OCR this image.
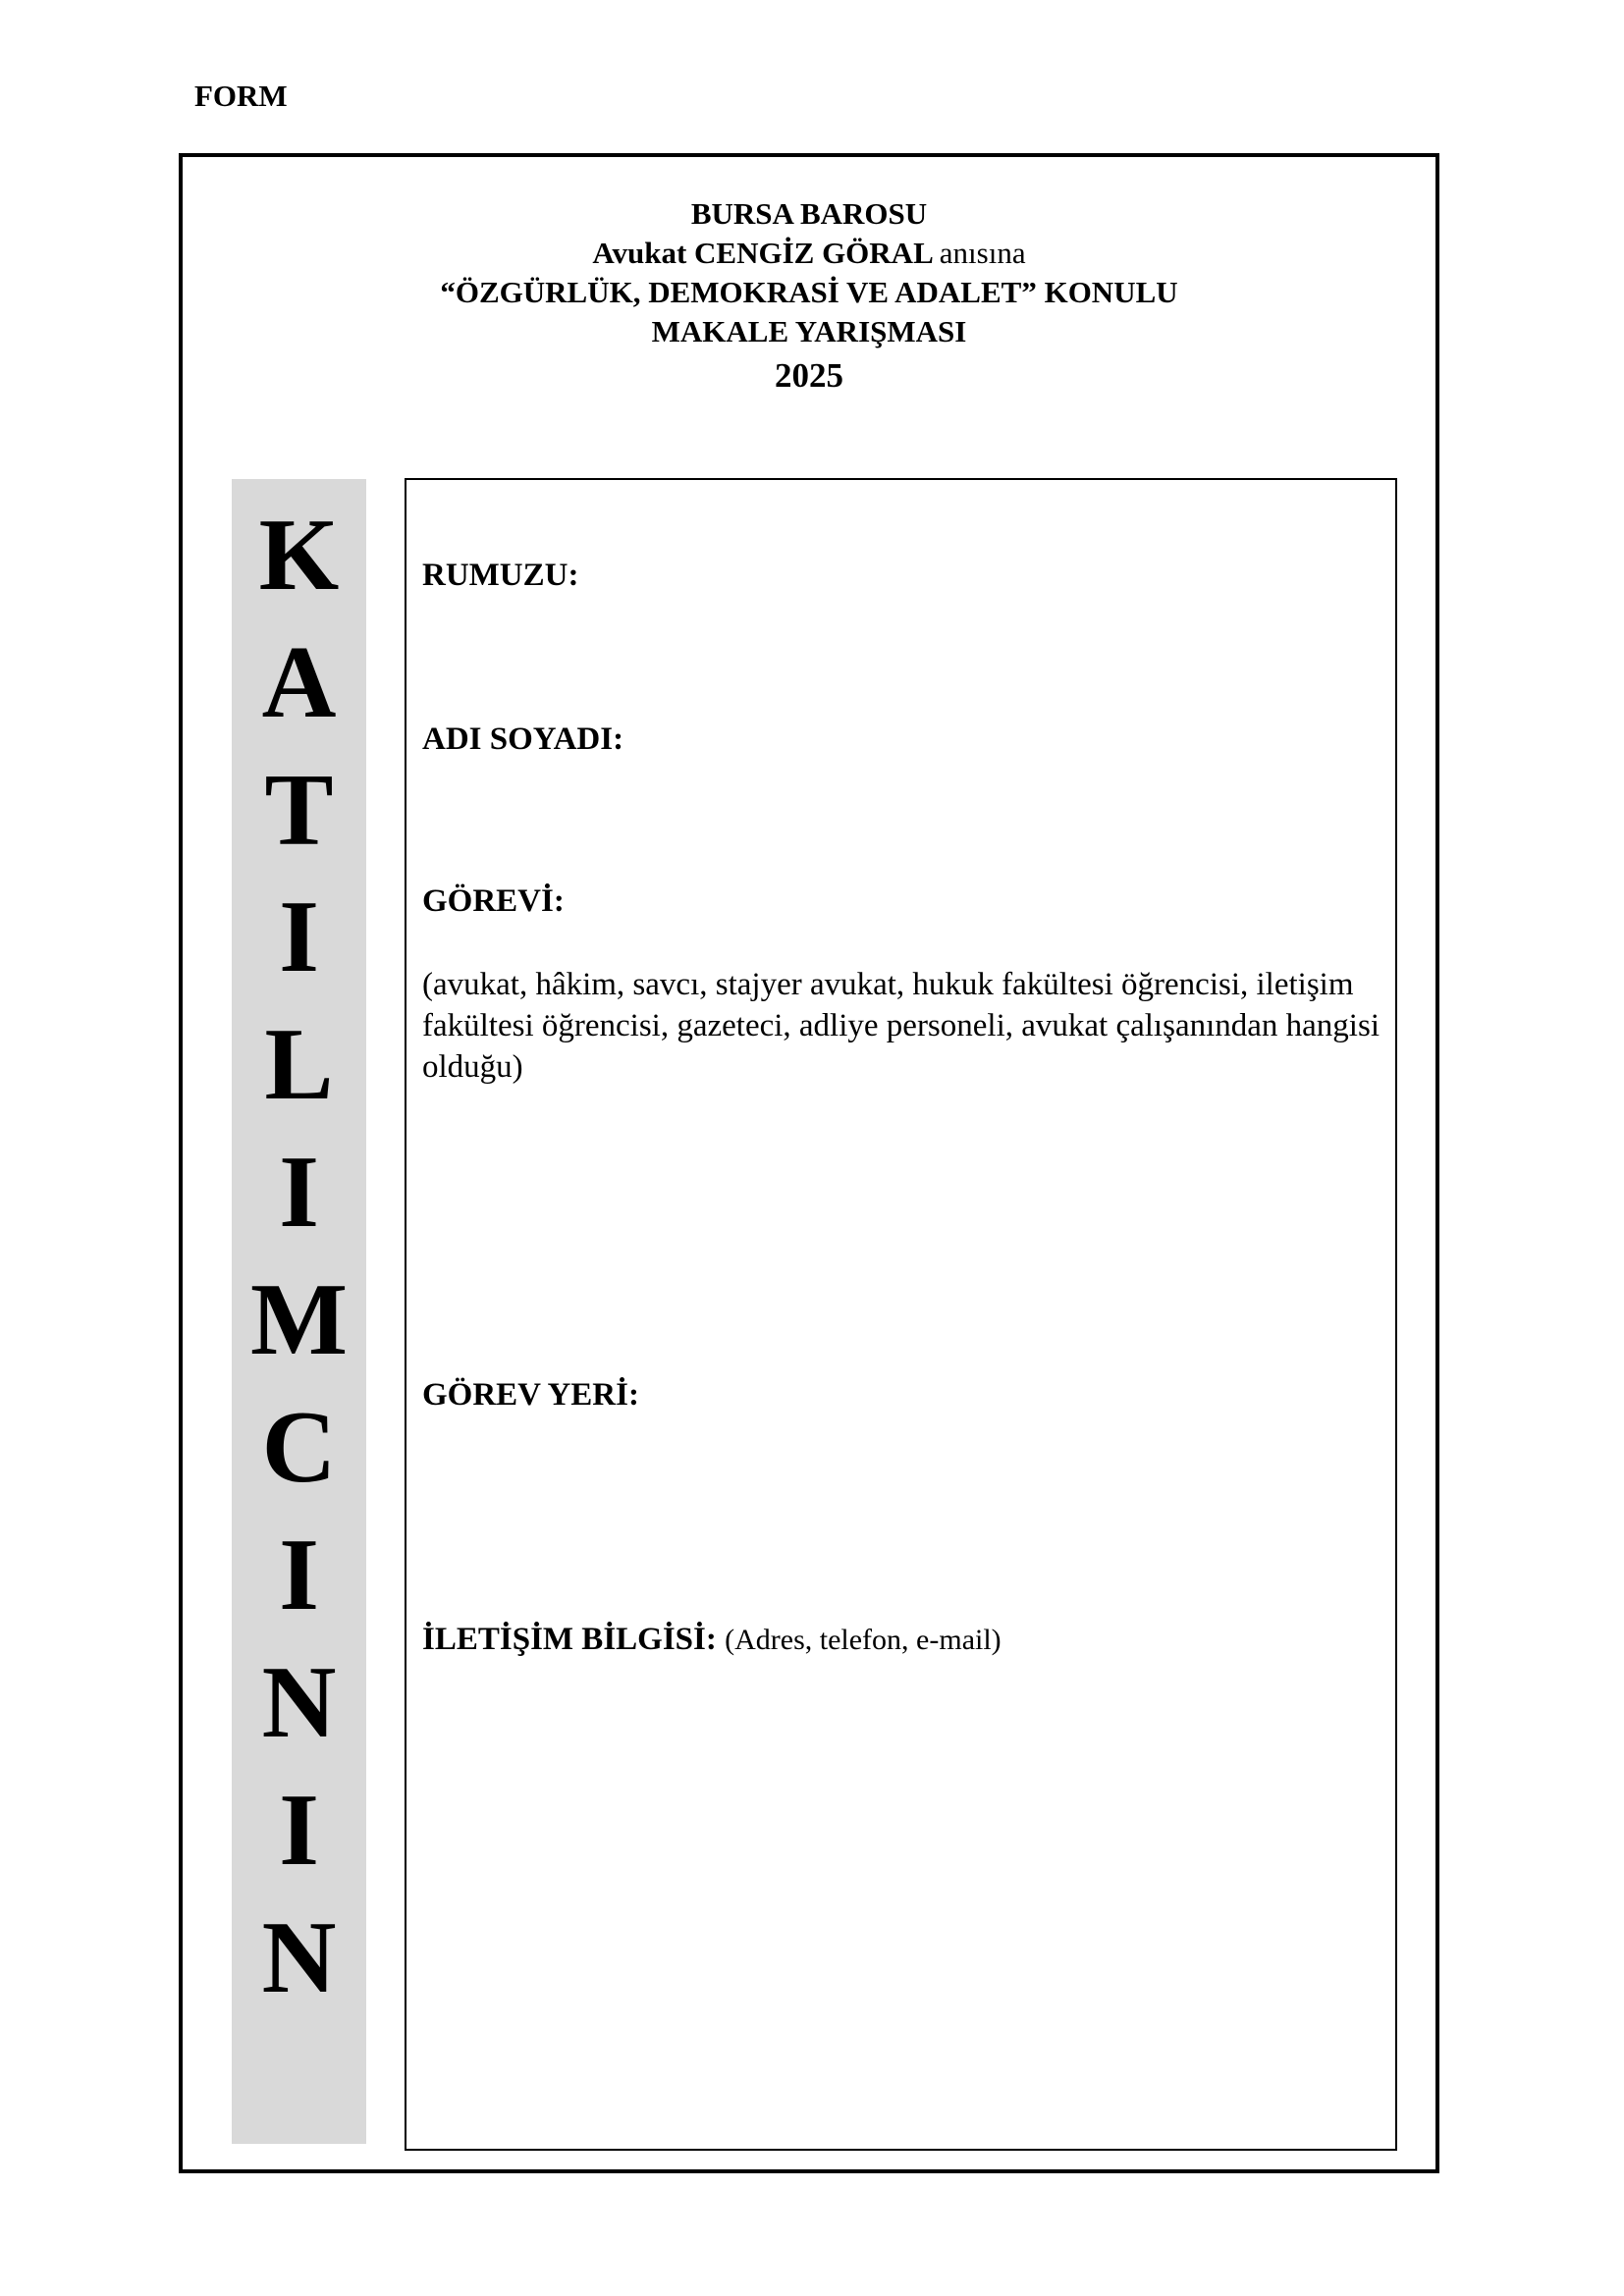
FORM
BURSA BAROSU
Avukat CENGİZ GÖRAL anısına
“ÖZGÜRLÜK, DEMOKRASİ VE ADALET” KONULU
MAKALE YARIŞMASI
2025
K
A
T
I
L
I
M
C
I
N
I
N
RUMUZU:
ADI SOYADI:
GÖREVİ:
(avukat, hâkim, savcı, stajyer avukat, hukuk fakültesi öğrencisi, iletişim fakültesi öğrencisi, gazeteci, adliye personeli, avukat çalışanından hangisi olduğu)
GÖREV YERİ:
İLETİŞİM BİLGİSİ: (Adres, telefon, e-mail)
